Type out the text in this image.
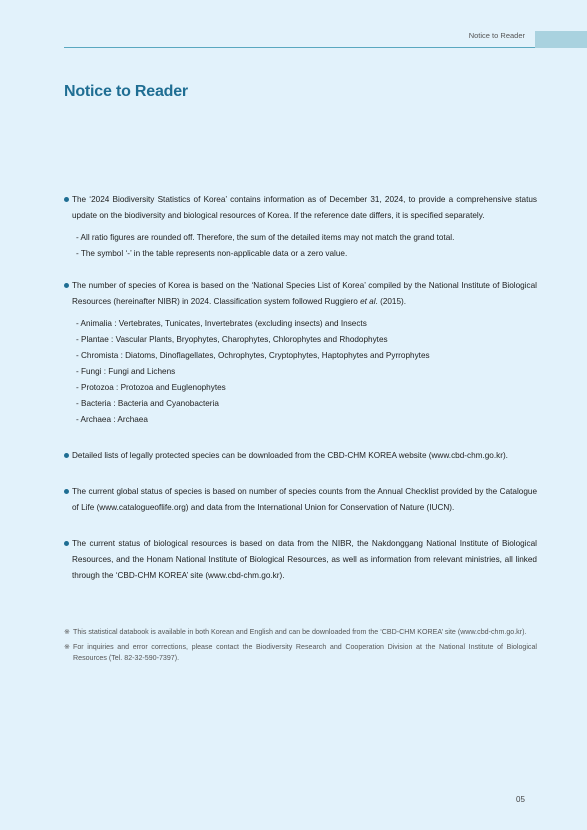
Notice to Reader
Notice to Reader
The ‘2024 Biodiversity Statistics of Korea’ contains information as of December 31, 2024, to provide a comprehensive status update on the biodiversity and biological resources of Korea. If the reference date differs, it is specified separately.
- All ratio figures are rounded off. Therefore, the sum of the detailed items may not match the grand total.
- The symbol ‘-’ in the table represents non-applicable data or a zero value.
The number of species of Korea is based on the ‘National Species List of Korea’ compiled by the National Institute of Biological Resources (hereinafter NIBR) in 2024. Classification system followed Ruggiero et al. (2015).
- Animalia : Vertebrates, Tunicates, Invertebrates (excluding insects) and Insects
- Plantae : Vascular Plants, Bryophytes, Charophytes, Chlorophytes and Rhodophytes
- Chromista : Diatoms, Dinoflagellates, Ochrophytes, Cryptophytes, Haptophytes and Pyrrophytes
- Fungi : Fungi and Lichens
- Protozoa : Protozoa and Euglenophytes
- Bacteria : Bacteria and Cyanobacteria
- Archaea : Archaea
Detailed lists of legally protected species can be downloaded from the CBD-CHM KOREA website (www.cbd-chm.go.kr).
The current global status of species is based on number of species counts from the Annual Checklist provided by the Catalogue of Life (www.catalogueoflife.org) and data from the International Union for Conservation of Nature (IUCN).
The current status of biological resources is based on data from the NIBR, the Nakdonggang National Institute of Biological Resources, and the Honam National Institute of Biological Resources, as well as information from relevant ministries, all linked through the ‘CBD-CHM KOREA’ site (www.cbd-chm.go.kr).
※ This statistical databook is available in both Korean and English and can be downloaded from the ‘CBD-CHM KOREA’ site (www.cbd-chm.go.kr).
※ For inquiries and error corrections, please contact the Biodiversity Research and Cooperation Division at the National Institute of Biological Resources (Tel. 82-32-590-7397).
05
